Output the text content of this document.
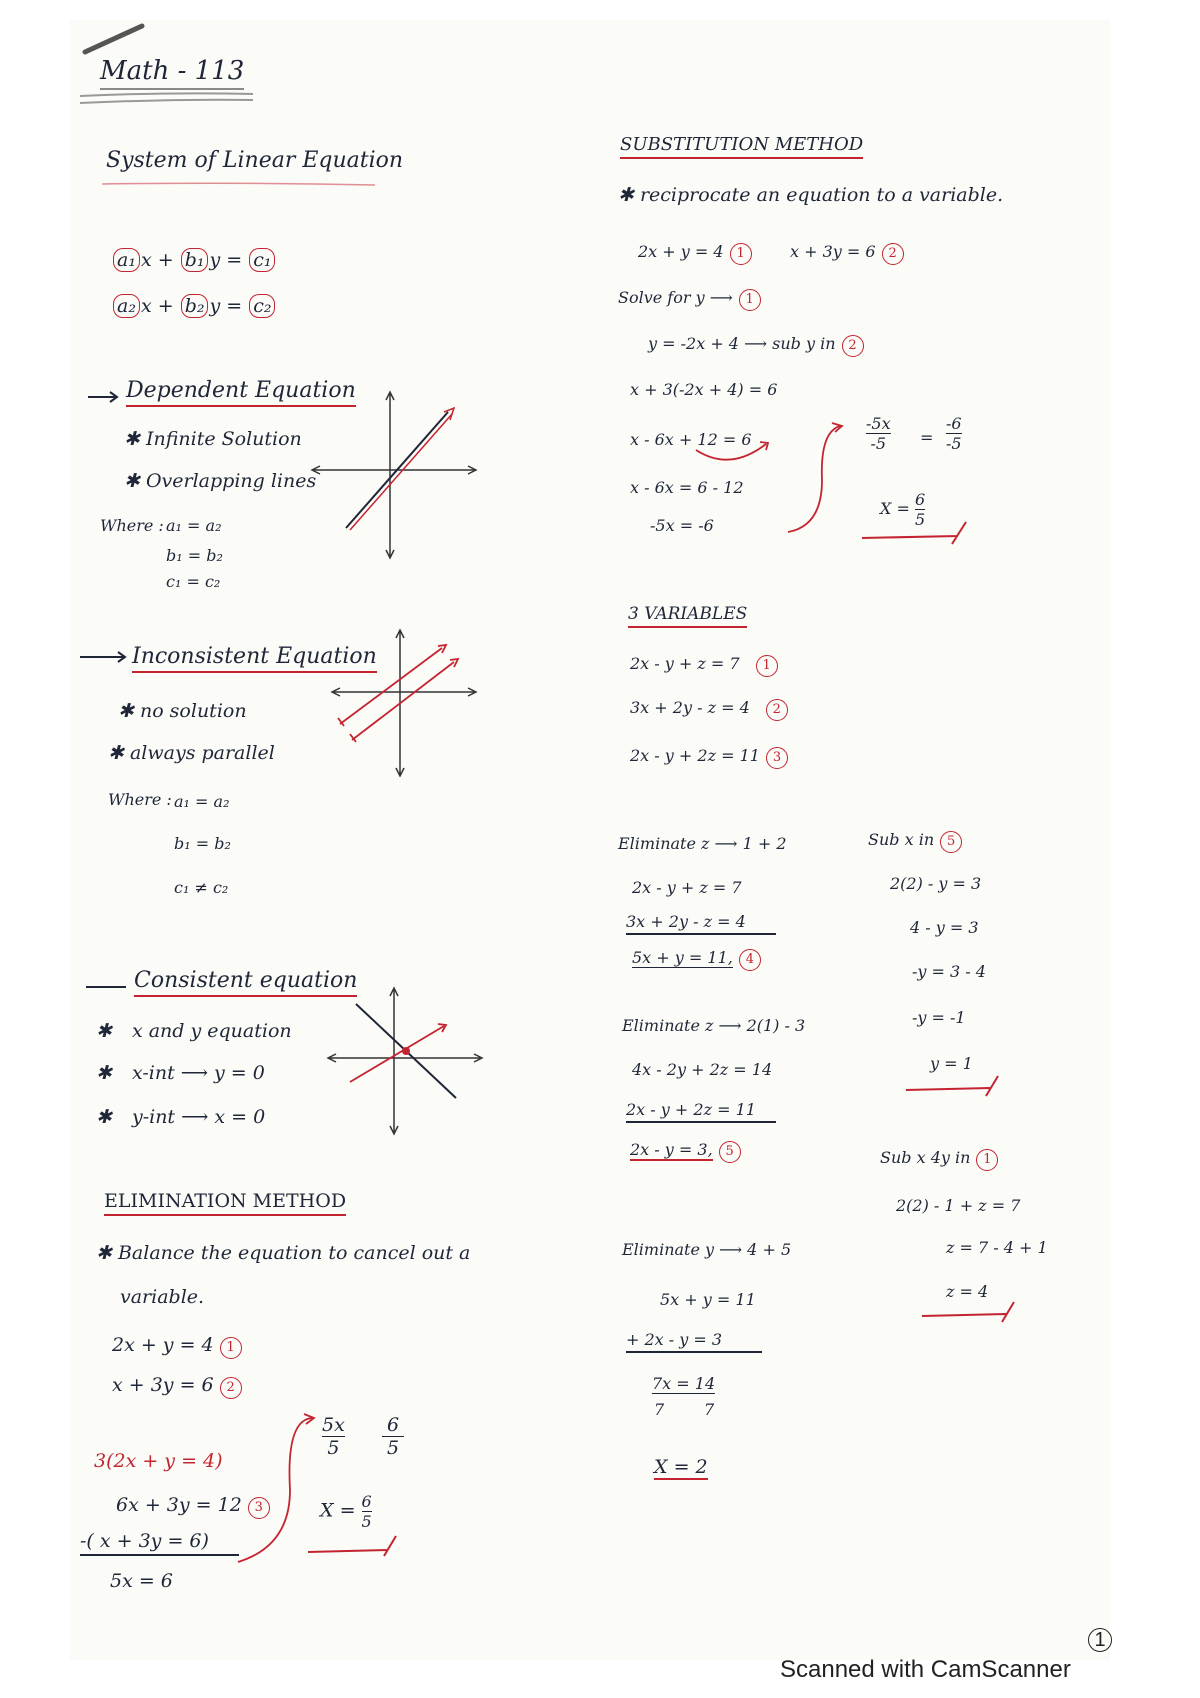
Math - 113
System of Linear Equation
a₁ x + b₁ y = c₁
a₂ x + b₂ y = c₂
Dependent Equation
✱ Infinite Solution
✱ Overlapping lines
Where : a₁ = a₂
b₁ = b₂
c₁ = c₂
Inconsistent Equation
✱ no solution
✱ always parallel
Where : a₁ = a₂
b₁ = b₂
c₁ ≠ c₂
Consistent equation
✱ x and y equation
✱ x-int ⟶ y = 0
✱ y-int ⟶ x = 0
ELIMINATION METHOD
✱ Balance the equation to cancel out a
variable.
2x + y = 4 1
x + 3y = 6 2
3(2x + y = 4)
6x + 3y = 12 3
-( x + 3y = 6)
5x = 6
5x
5
6
5
$X = \frac{6}{5}$
SUBSTITUTION METHOD
✱ reciprocate an equation to a variable.
2x + y = 4 1	x + 3y = 6 2
Solve for y ⟶ 1
y = -2x + 4 ⟶ sub y in 2
x + 3(-2x + 4) = 6
x - 6x + 12 = 6
x - 6x = 6 - 12
-5x = -6
-5x
-5 =
-6
-5
$X = \frac{6}{5}$
3 VARIABLES
2x - y + z = 7 1
3x + 2y - z = 4 2
2x - y + 2z = 11 3
Eliminate z ⟶ 1 + 2
2x - y + z = 7
3x + 2y - z = 4
5x + y = 11, 4
Eliminate z ⟶ 2(1) - 3
4x - 2y + 2z = 14
2x - y + 2z = 11
2x - y = 3, 5
Eliminate y ⟶ 4 + 5
5x + y = 11
+ 2x - y = 3
7x = 14
7 7
X = 2
Sub x in 5
2(2) - y = 3
4 - y = 3
-y = 3 - 4
-y = -1
y = 1
Sub x 4y in 1
2(2) - 1 + z = 7
z = 7 - 4 + 1
z = 4
1
Scanned with CamScanner
